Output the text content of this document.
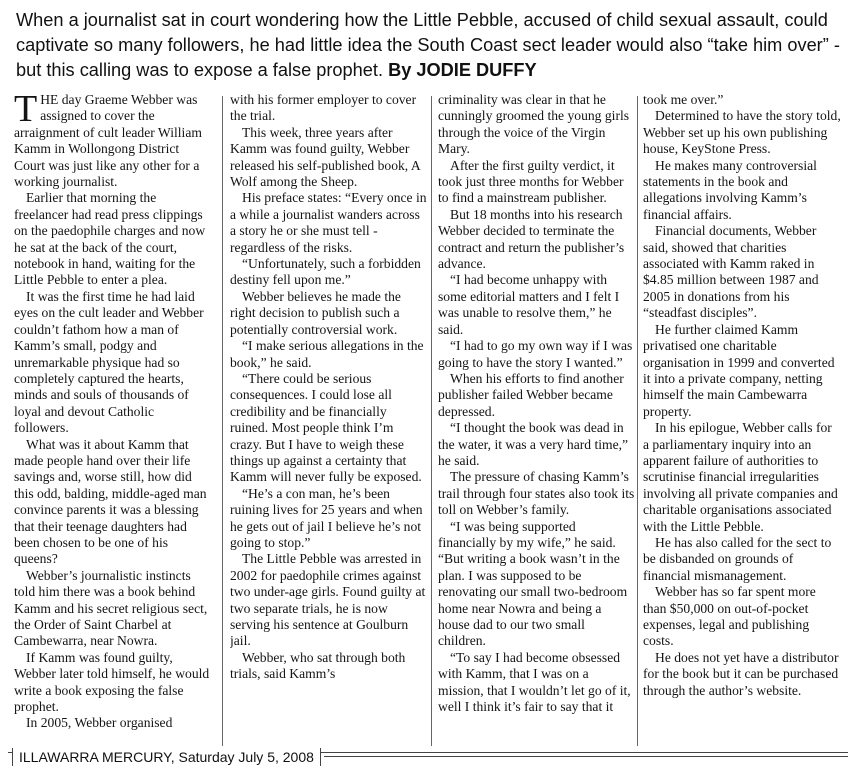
When a journalist sat in court wondering how the Little Pebble, accused of child sexual assault, could captivate so many followers, he had little idea the South Coast sect leader would also “take him over” - but this calling was to expose a false prophet. By JODIE DUFFY

THE day Graeme Webber was assigned to cover the arraignment of cult leader William Kamm in Wollongong District Court was just like any other for a working journalist.

Earlier that morning the freelancer had read press clippings on the paedophile charges and now he sat at the back of the court, notebook in hand, waiting for the Little Pebble to enter a plea.

It was the first time he had laid eyes on the cult leader and Webber couldn’t fathom how a man of Kamm’s small, podgy and unremarkable physique had so completely captured the hearts, minds and souls of thousands of loyal and devout Catholic followers.

What was it about Kamm that made people hand over their life savings and, worse still, how did this odd, balding, middle-aged man convince parents it was a blessing that their teenage daughters had been chosen to be one of his queens?

Webber’s journalistic instincts told him there was a book behind Kamm and his secret religious sect, the Order of Saint Charbel at Cambewarra, near Nowra.

If Kamm was found guilty, Webber later told himself, he would write a book exposing the false prophet.

In 2005, Webber organised

with his former employer to cover the trial.

This week, three years after Kamm was found guilty, Webber released his self-published book, A Wolf among the Sheep.

His preface states: “Every once in a while a journalist wanders across a story he or she must tell - regardless of the risks.

“Unfortunately, such a forbidden destiny fell upon me.”

Webber believes he made the right decision to publish such a potentially controversial work.

“I make serious allegations in the book,” he said.

“There could be serious consequences. I could lose all credibility and be financially ruined. Most people think I’m crazy. But I have to weigh these things up against a certainty that Kamm will never fully be exposed.

“He’s a con man, he’s been ruining lives for 25 years and when he gets out of jail I believe he’s not going to stop.”

The Little Pebble was arrested in 2002 for paedophile crimes against two under-age girls. Found guilty at two separate trials, he is now serving his sentence at Goulburn jail.

Webber, who sat through both trials, said Kamm’s

criminality was clear in that he cunningly groomed the young girls through the voice of the Virgin Mary.

After the first guilty verdict, it took just three months for Webber to find a mainstream publisher.

But 18 months into his research Webber decided to terminate the contract and return the publisher’s advance.

“I had become unhappy with some editorial matters and I felt I was unable to resolve them,” he said.

“I had to go my own way if I was going to have the story I wanted.”

When his efforts to find another publisher failed Webber became depressed.

“I thought the book was dead in the water, it was a very hard time,” he said.

The pressure of chasing Kamm’s trail through four states also took its toll on Webber’s family.

“I was being supported financially by my wife,” he said. “But writing a book wasn’t in the plan. I was supposed to be renovating our small two-bedroom home near Nowra and being a house dad to our two small children.

“To say I had become obsessed with Kamm, that I was on a mission, that I wouldn’t let go of it, well I think it’s fair to say that it

took me over.”

Determined to have the story told, Webber set up his own publishing house, KeyStone Press.

He makes many controversial statements in the book and allegations involving Kamm’s financial affairs.

Financial documents, Webber said, showed that charities associated with Kamm raked in $4.85 million between 1987 and 2005 in donations from his “steadfast disciples”.

He further claimed Kamm privatised one charitable organisation in 1999 and converted it into a private company, netting himself the main Cambewarra property.

In his epilogue, Webber calls for a parliamentary inquiry into an apparent failure of authorities to scrutinise financial irregularities involving all private companies and charitable organisations associated with the Little Pebble.

He has also called for the sect to be disbanded on grounds of financial mismanagement.

Webber has so far spent more than $50,000 on out-of-pocket expenses, legal and publishing costs.

He does not yet have a distributor for the book but it can be purchased through the author’s website.

ILLAWARRA MERCURY, Saturday July 5, 2008
